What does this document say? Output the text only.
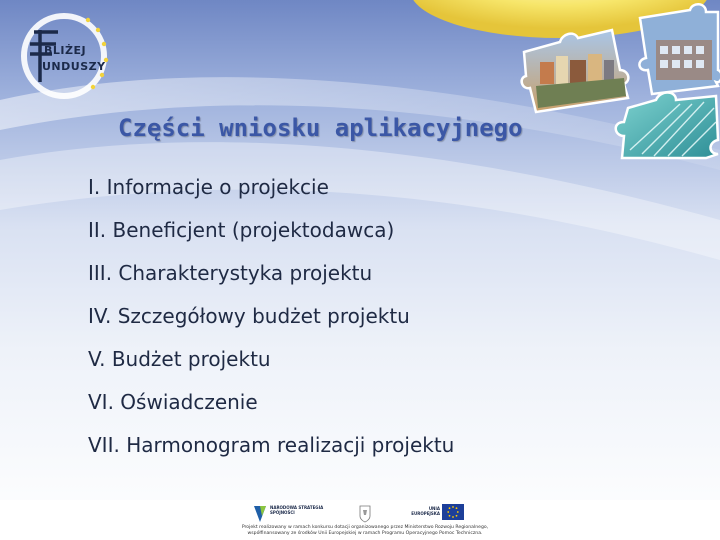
BLIŻEJ
UNDUSZY
Części wniosku aplikacyjnego
I. Informacje o projekcie
II. Beneficjent (projektodawca)
III. Charakterystyka projektu
IV. Szczegółowy budżet projektu
V. Budżet projektu
VI. Oświadczenie
VII. Harmonogram realizacji projektu
NARODOWA STRATEGIA SPÓJNOŚCI
UNIA EUROPEJSKA
Projekt realizowany w ramach konkursu dotacji organizowanego przez Ministerstwo Rozwoju Regionalnego,
współfinansowany ze środków Unii Europejskiej w ramach Programu Operacyjnego Pomoc Techniczna.
